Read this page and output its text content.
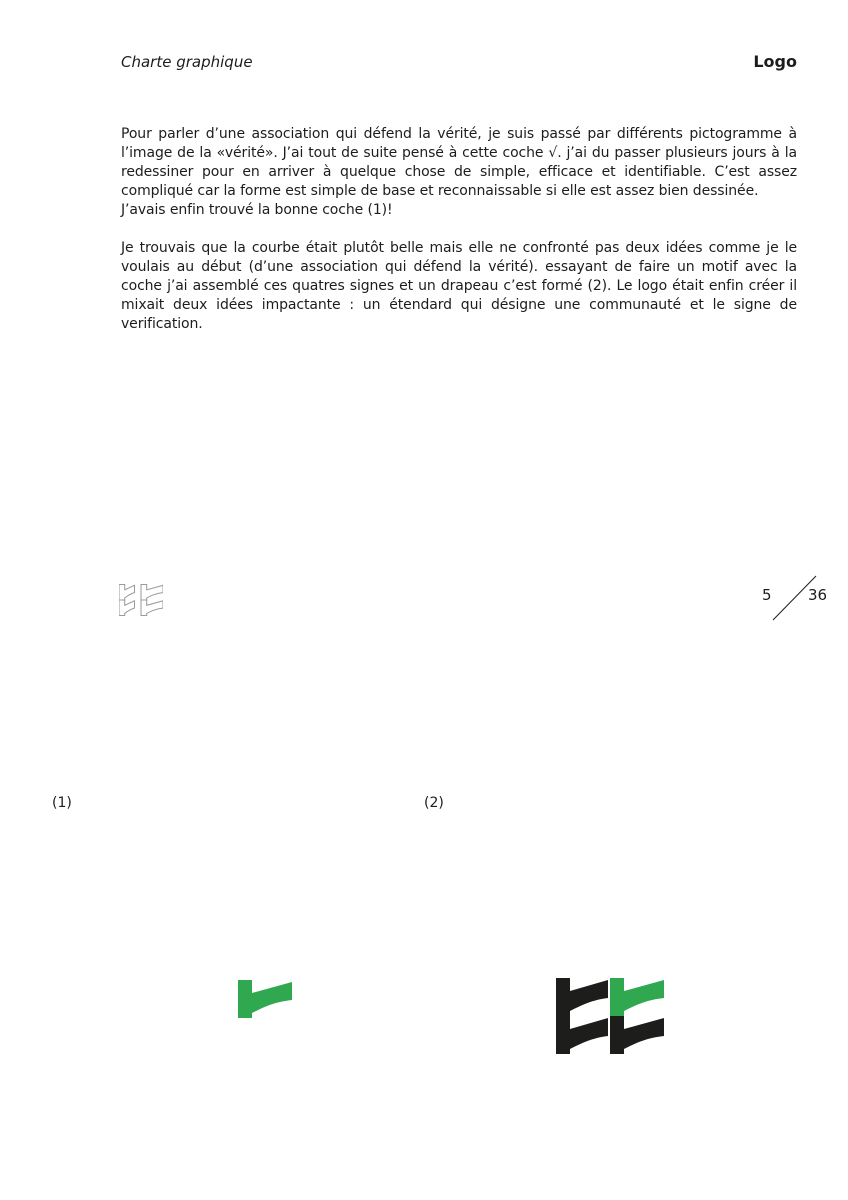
Charte graphique	Logo

Pour parler d’une association qui défend la vérité, je suis passé par différents pictogramme à l’image de la «vérité». J’ai tout de suite pensé à cette coche √. j’ai du passer plusieurs jours à la redessiner pour en arriver à quelque chose de simple, efficace et identifiable. C’est assez compliqué car la forme est simple de base et reconnaissable si elle est assez bien dessinée.

J’avais enfin trouvé la bonne coche (1)!

Je trouvais que la courbe était plutôt belle mais elle ne confronté pas deux idées comme je le voulais au début (d’une association qui défend la vérité). essayant de faire un motif avec la coche j’ai assemblé ces quatres signes et un drapeau c’est formé (2). Le logo était enfin créer il mixait deux idées impactante : un étendard qui désigne une communauté et le signe de verification.

5 36
(1)	(2)
